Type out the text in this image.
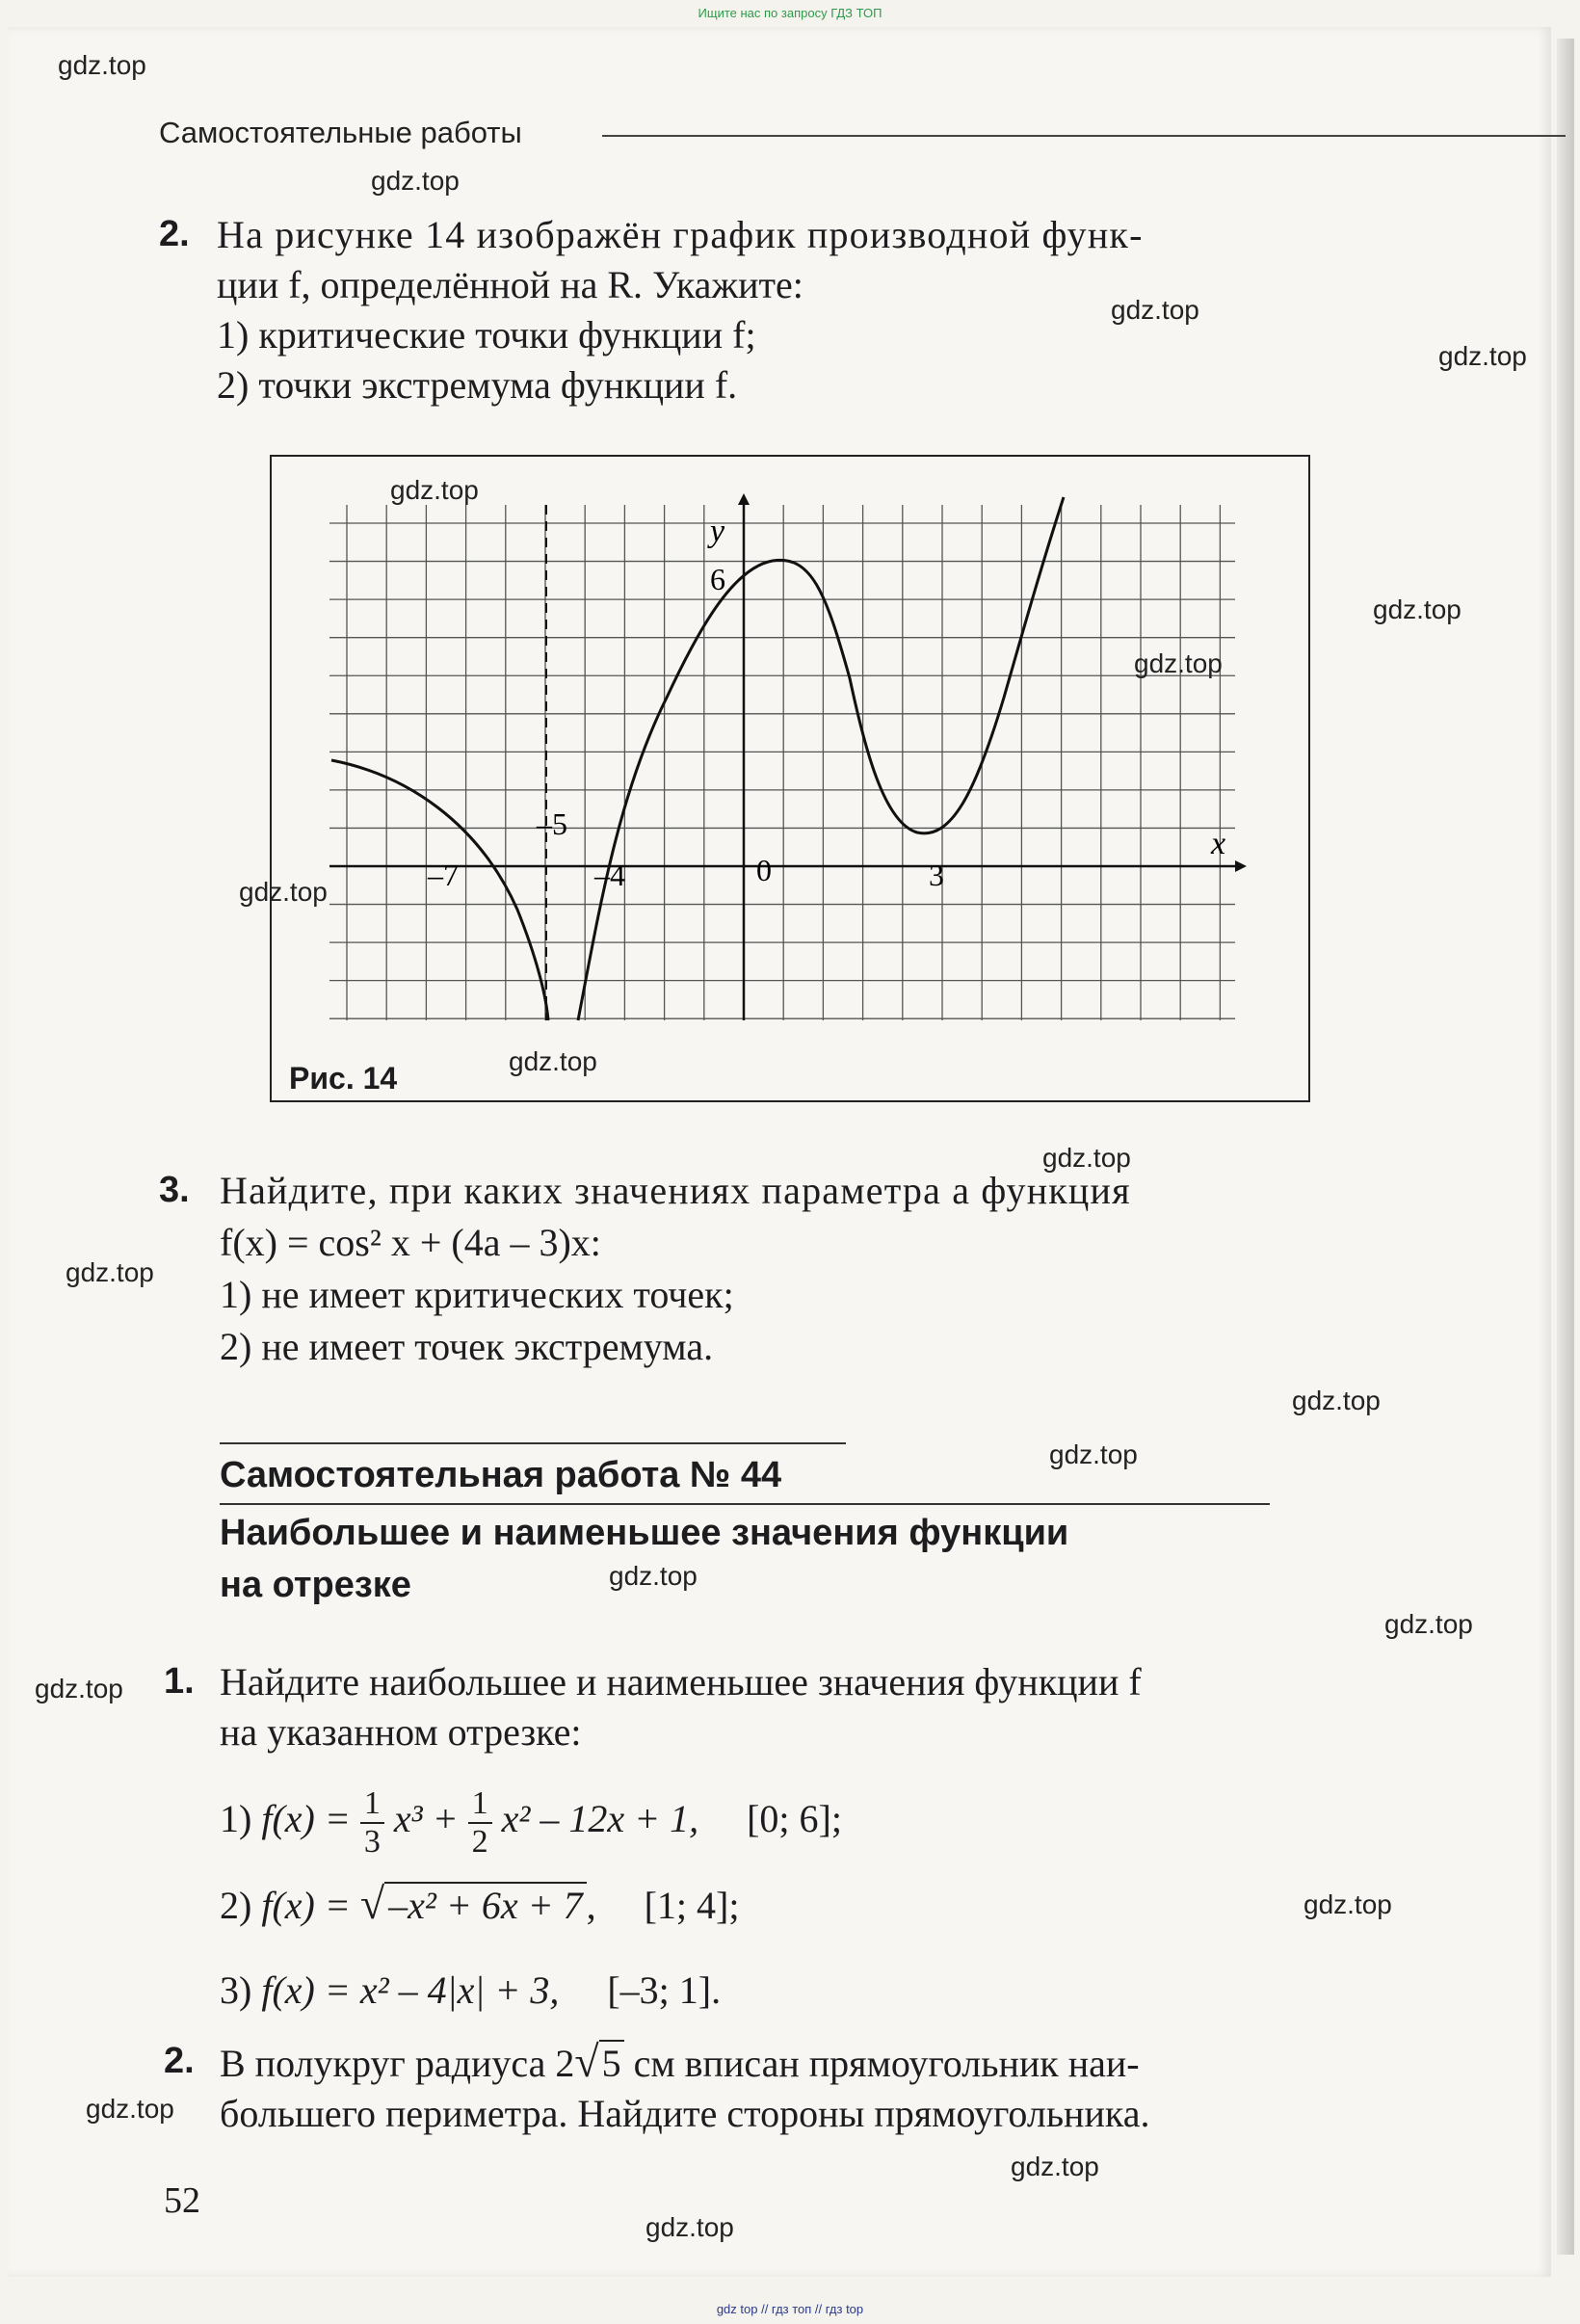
Ищите нас по запросу ГДЗ ТОП
Самостоятельные работы
2. На рисунке 14 изображён график производной функ-
ции f, определённой на R. Укажите:
1) критические точки функции f;
2) точки экстремума функции f.
y
x
6
–5
–7	–4	0	3
Рис. 14
3. Найдите, при каких значениях параметра a функция
f(x) = cos² x + (4a – 3)x:
1) не имеет критических точек;
2) не имеет точек экстремума.
Самостоятельная работа № 44
Наибольшее и наименьшее значения функции
на отрезке
1. Найдите наибольшее и наименьшее значения функции f
на указанном отрезке:
1) $f(x) = \frac{1}{3} x^3 + \frac{1}{2} x^2 - 12x + 1$, [0; 6];
2) f(x) = √ –x² + 6x + 7 , [1; 4];
3) f(x) = x² – 4|x| + 3, [–3; 1].
2. В полукруг радиуса 2√5 см вписан прямоугольник наи-
большего периметра. Найдите стороны прямоугольника.
52
gdz.top
gdz.top
gdz.top
gdz.top
gdz.top
gdz.top
gdz.top
gdz.top
gdz.top
gdz.top
gdz.top
gdz.top
gdz.top
gdz.top
gdz.top
gdz.top
gdz.top
gdz.top
gdz.top
gdz.top
gdz top // гдз топ // гдз top
